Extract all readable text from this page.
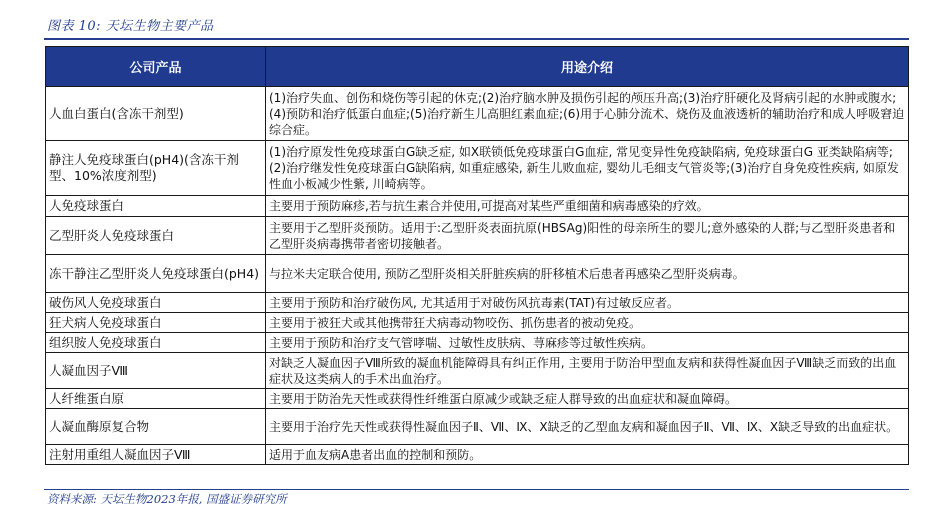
图表 10: 天坛生物主要产品
公司产品	用途介绍
人血白蛋白(含冻干剂型)	(1)治疗失血、创伤和烧伤等引起的休克;(2)治疗脑水肿及损伤引起的颅压升高;(3)治疗肝硬化及肾病引起的水肿或腹水;(4)预防和治疗低蛋白血症;(5)治疗新生儿高胆红素血症;(6)用于心肺分流术、烧伤及血液透析的辅助治疗和成人呼吸窘迫综合症。
静注人免疫球蛋白(pH4)(含冻干剂型、10%浓度剂型)	(1)治疗原发性免疫球蛋白G缺乏症, 如X联锁低免疫球蛋白G血症, 常见变异性免疫缺陷病, 免疫球蛋白G 亚类缺陷病等;(2)治疗继发性免疫球蛋白G缺陷病, 如重症感染, 新生儿败血症, 婴幼儿毛细支气管炎等;(3)治疗自身免疫性疾病, 如原发性血小板减少性紫, 川崎病等。
人免疫球蛋白	主要用于预防麻疹,若与抗生素合并使用,可提高对某些严重细菌和病毒感染的疗效。
乙型肝炎人免疫球蛋白	主要用于乙型肝炎预防。适用于:乙型肝炎表面抗原(HBSAg)阳性的母亲所生的婴儿;意外感染的人群;与乙型肝炎患者和乙型肝炎病毒携带者密切接触者。
冻干静注乙型肝炎人免疫球蛋白(pH4)	与拉米夫定联合使用, 预防乙型肝炎相关肝脏疾病的肝移植术后患者再感染乙型肝炎病毒。
破伤风人免疫球蛋白	主要用于预防和治疗破伤风, 尤其适用于对破伤风抗毒素(TAT)有过敏反应者。
狂犬病人免疫球蛋白	主要用于被狂犬或其他携带狂犬病毒动物咬伤、抓伤患者的被动免疫。
组织胺人免疫球蛋白	主要用于预防和治疗支气管哮喘、过敏性皮肤病、荨麻疹等过敏性疾病。
人凝血因子Ⅷ	对缺乏人凝血因子Ⅷ所致的凝血机能障碍具有纠正作用, 主要用于防治甲型血友病和获得性凝血因子Ⅷ缺乏而致的出血症状及这类病人的手术出血治疗。
人纤维蛋白原	主要用于防治先天性或获得性纤维蛋白原减少或缺乏症人群导致的出血症状和凝血障碍。
人凝血酶原复合物	主要用于治疗先天性或获得性凝血因子Ⅱ、Ⅶ、Ⅸ、Ⅹ缺乏的乙型血友病和凝血因子Ⅱ、Ⅶ、Ⅸ、Ⅹ缺乏导致的出血症状。
注射用重组人凝血因子Ⅷ	适用于血友病A患者出血的控制和预防。
资料来源: 天坛生物2023年报, 国盛证券研究所
